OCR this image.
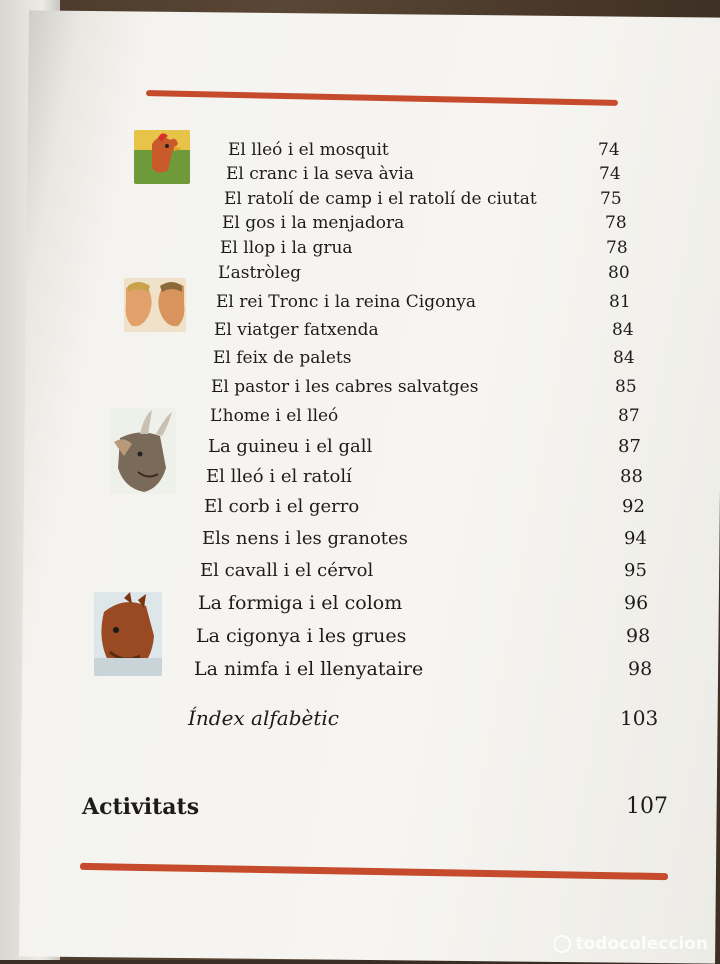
El lleó i el mosquit	74
El cranc i la seva àvia	74
El ratolí de camp i el ratolí de ciutat	75
El gos i la menjadora	78
El llop i la grua	78
L’astròleg	80
El rei Tronc i la reina Cigonya	81
El viatger fatxenda	84
El feix de palets	84
El pastor i les cabres salvatges	85
L’home i el lleó	87
La guineu i el gall	87
El lleó i el ratolí	88
El corb i el gerro	92
Els nens i les granotes	94
El cavall i el cérvol	95
La formiga i el colom	96
La cigonya i les grues	98
La nimfa i el llenyataire	98
Índex alfabètic	103
Activitats	107
todocoleccion
